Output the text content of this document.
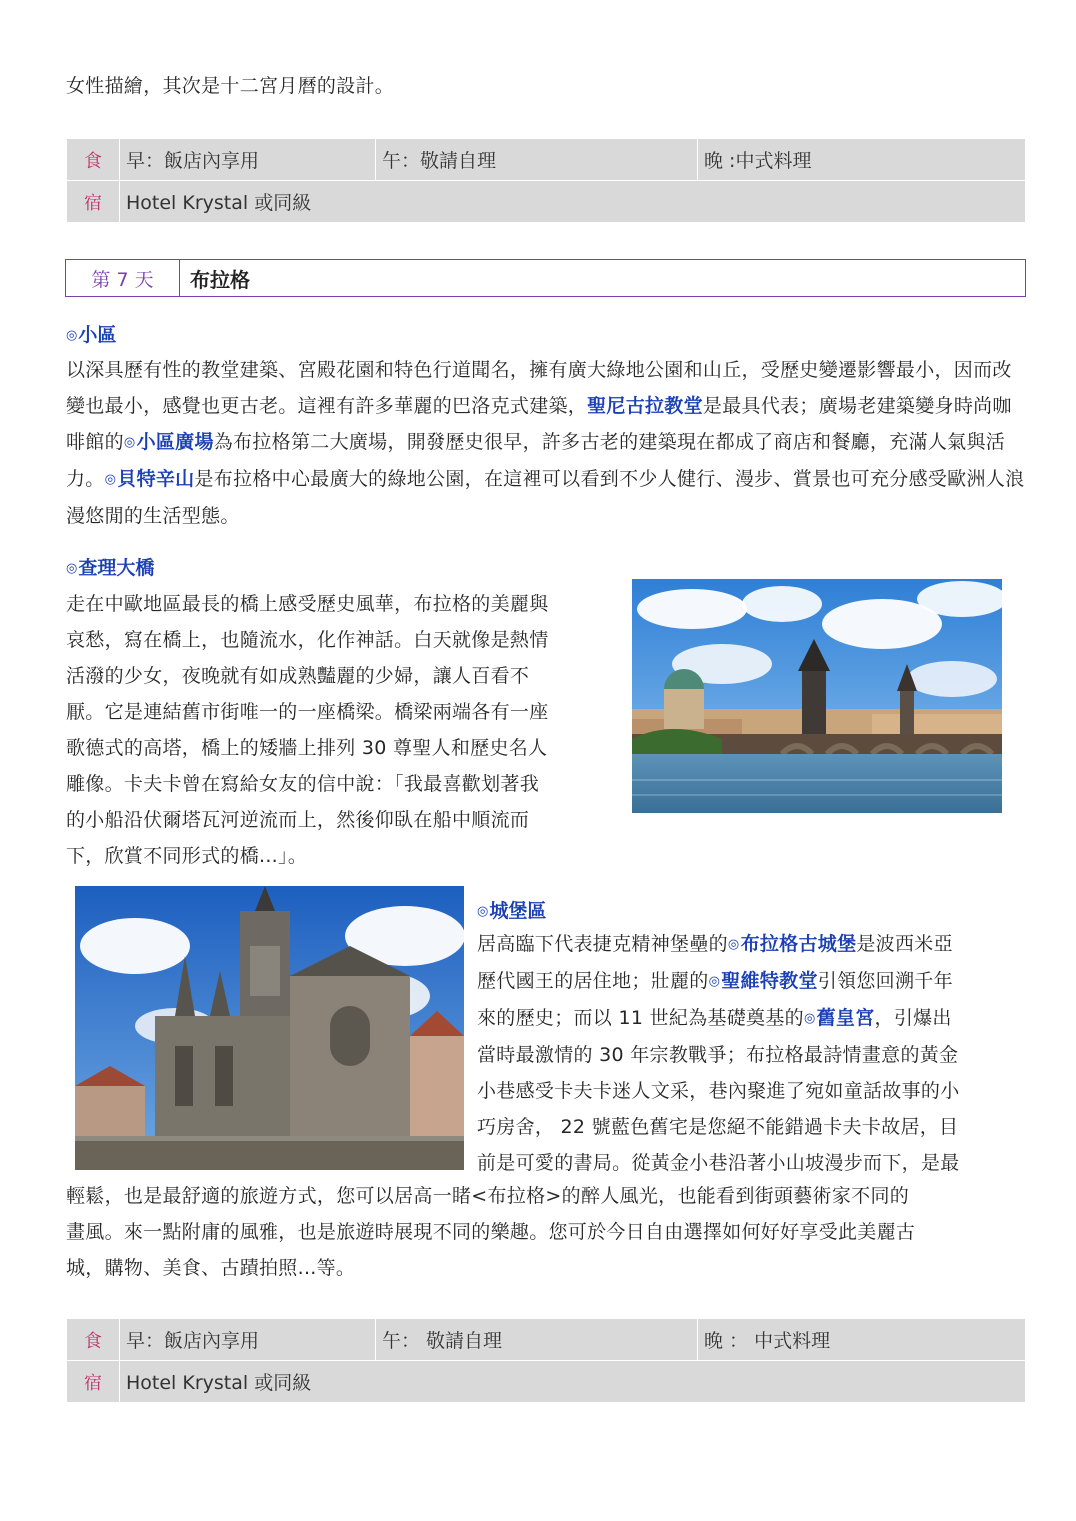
女性描繪，其次是十二宮月曆的設計。
食	早：飯店內享用	午：敬請自理	晚 :中式料理
宿	Hotel Krystal 或同級		
第 7 天	布拉格
◎小區
以深具歷有性的教堂建築、宮殿花園和特色行道聞名，擁有廣大綠地公園和山丘，受歷史變遷影響最小，因而改變也最小，感覺也更古老。這裡有許多華麗的巴洛克式建築，聖尼古拉教堂是最具代表；廣場老建築變身時尚咖啡館的◎小區廣場為布拉格第二大廣場，開發歷史很早，許多古老的建築現在都成了商店和餐廳，充滿人氣與活力。◎貝特辛山是布拉格中心最廣大的綠地公園，在這裡可以看到不少人健行、漫步、賞景也可充分感受歐洲人浪漫悠閒的生活型態。
◎查理大橋
走在中歐地區最長的橋上感受歷史風華，布拉格的美麗與
哀愁，寫在橋上，也隨流水，化作神話。白天就像是熱情
活潑的少女，夜晚就有如成熟豔麗的少婦，讓人百看不
厭。它是連結舊市街唯一的一座橋梁。橋梁兩端各有一座
歌德式的高塔，橋上的矮牆上排列 30 尊聖人和歷史名人
雕像。卡夫卡曾在寫給女友的信中說：「我最喜歡划著我
的小船沿伏爾塔瓦河逆流而上，然後仰臥在船中順流而
下，欣賞不同形式的橋...」。
◎城堡區
居高臨下代表捷克精神堡壘的◎布拉格古城堡是波西米亞
歷代國王的居住地；壯麗的◎聖維特教堂引領您回溯千年
來的歷史；而以 11 世紀為基礎奠基的◎舊皇宮，引爆出
當時最激情的 30 年宗教戰爭；布拉格最詩情畫意的黃金
小巷感受卡夫卡迷人文采，巷內聚進了宛如童話故事的小
巧房舍， 22 號藍色舊宅是您絕不能錯過卡夫卡故居，目
前是可愛的書局。從黃金小巷沿著小山坡漫步而下，是最
輕鬆，也是最舒適的旅遊方式，您可以居高一睹<布拉格>的醉人風光，也能看到街頭藝術家不同的
畫風。來一點附庸的風雅，也是旅遊時展現不同的樂趣。您可於今日自由選擇如何好好享受此美麗古
城，購物、美食、古蹟拍照...等。
食	早：飯店內享用	午： 敬請自理	晚 ： 中式料理
宿	Hotel Krystal 或同級		
